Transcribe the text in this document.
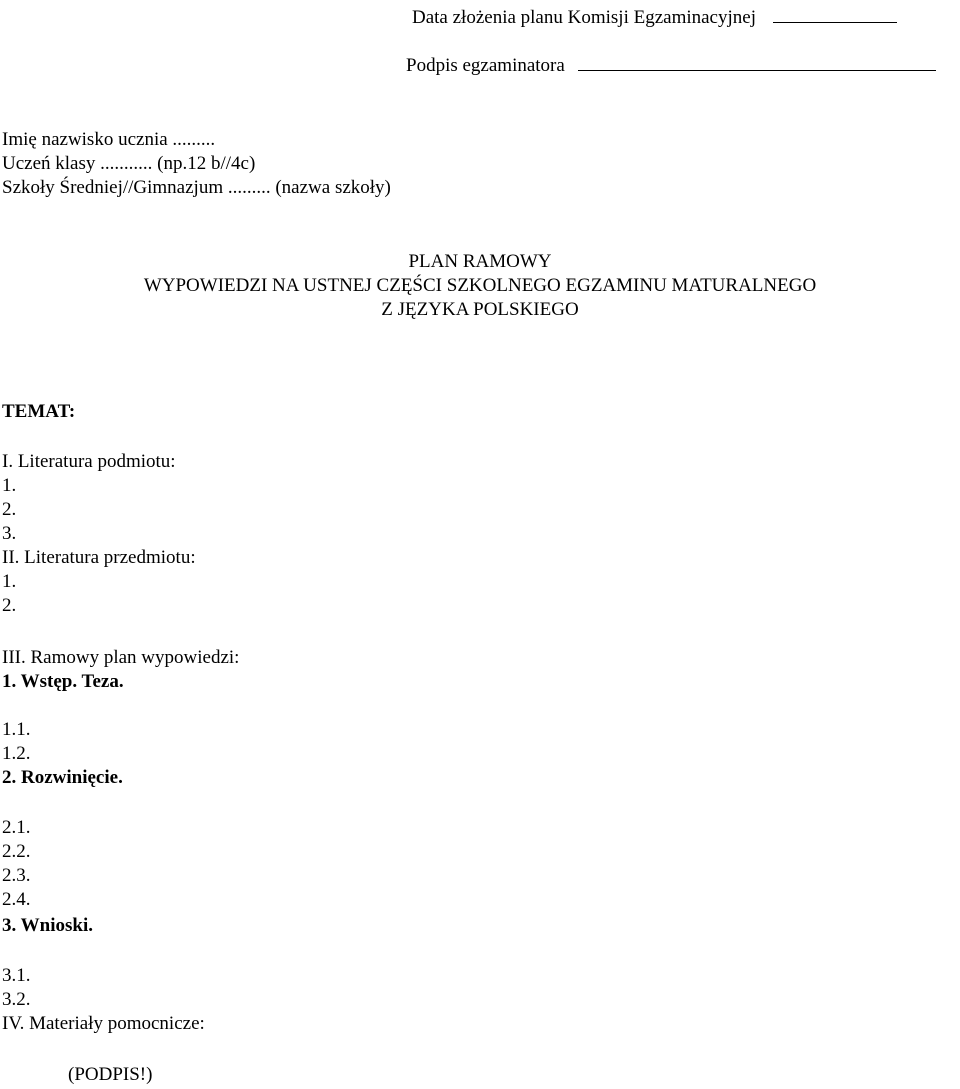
Data złożenia planu Komisji Egzaminacyjnej
Podpis egzaminatora
Imię nazwisko ucznia .........
Uczeń klasy ........... (np.12 b//4c)
Szkoły Średniej//Gimnazjum ......... (nazwa szkoły)
PLAN RAMOWY
WYPOWIEDZI NA USTNEJ CZĘŚCI SZKOLNEGO EGZAMINU MATURALNEGO
Z JĘZYKA POLSKIEGO
TEMAT:
I. Literatura podmiotu:
1.
2.
3.
II. Literatura przedmiotu:
1.
2.
III. Ramowy plan wypowiedzi:
1. Wstęp. Teza.
1.1.
1.2.
2. Rozwinięcie.
2.1.
2.2.
2.3.
2.4.
3. Wnioski.
3.1.
3.2.
IV. Materiały pomocnicze:
(PODPIS!)
